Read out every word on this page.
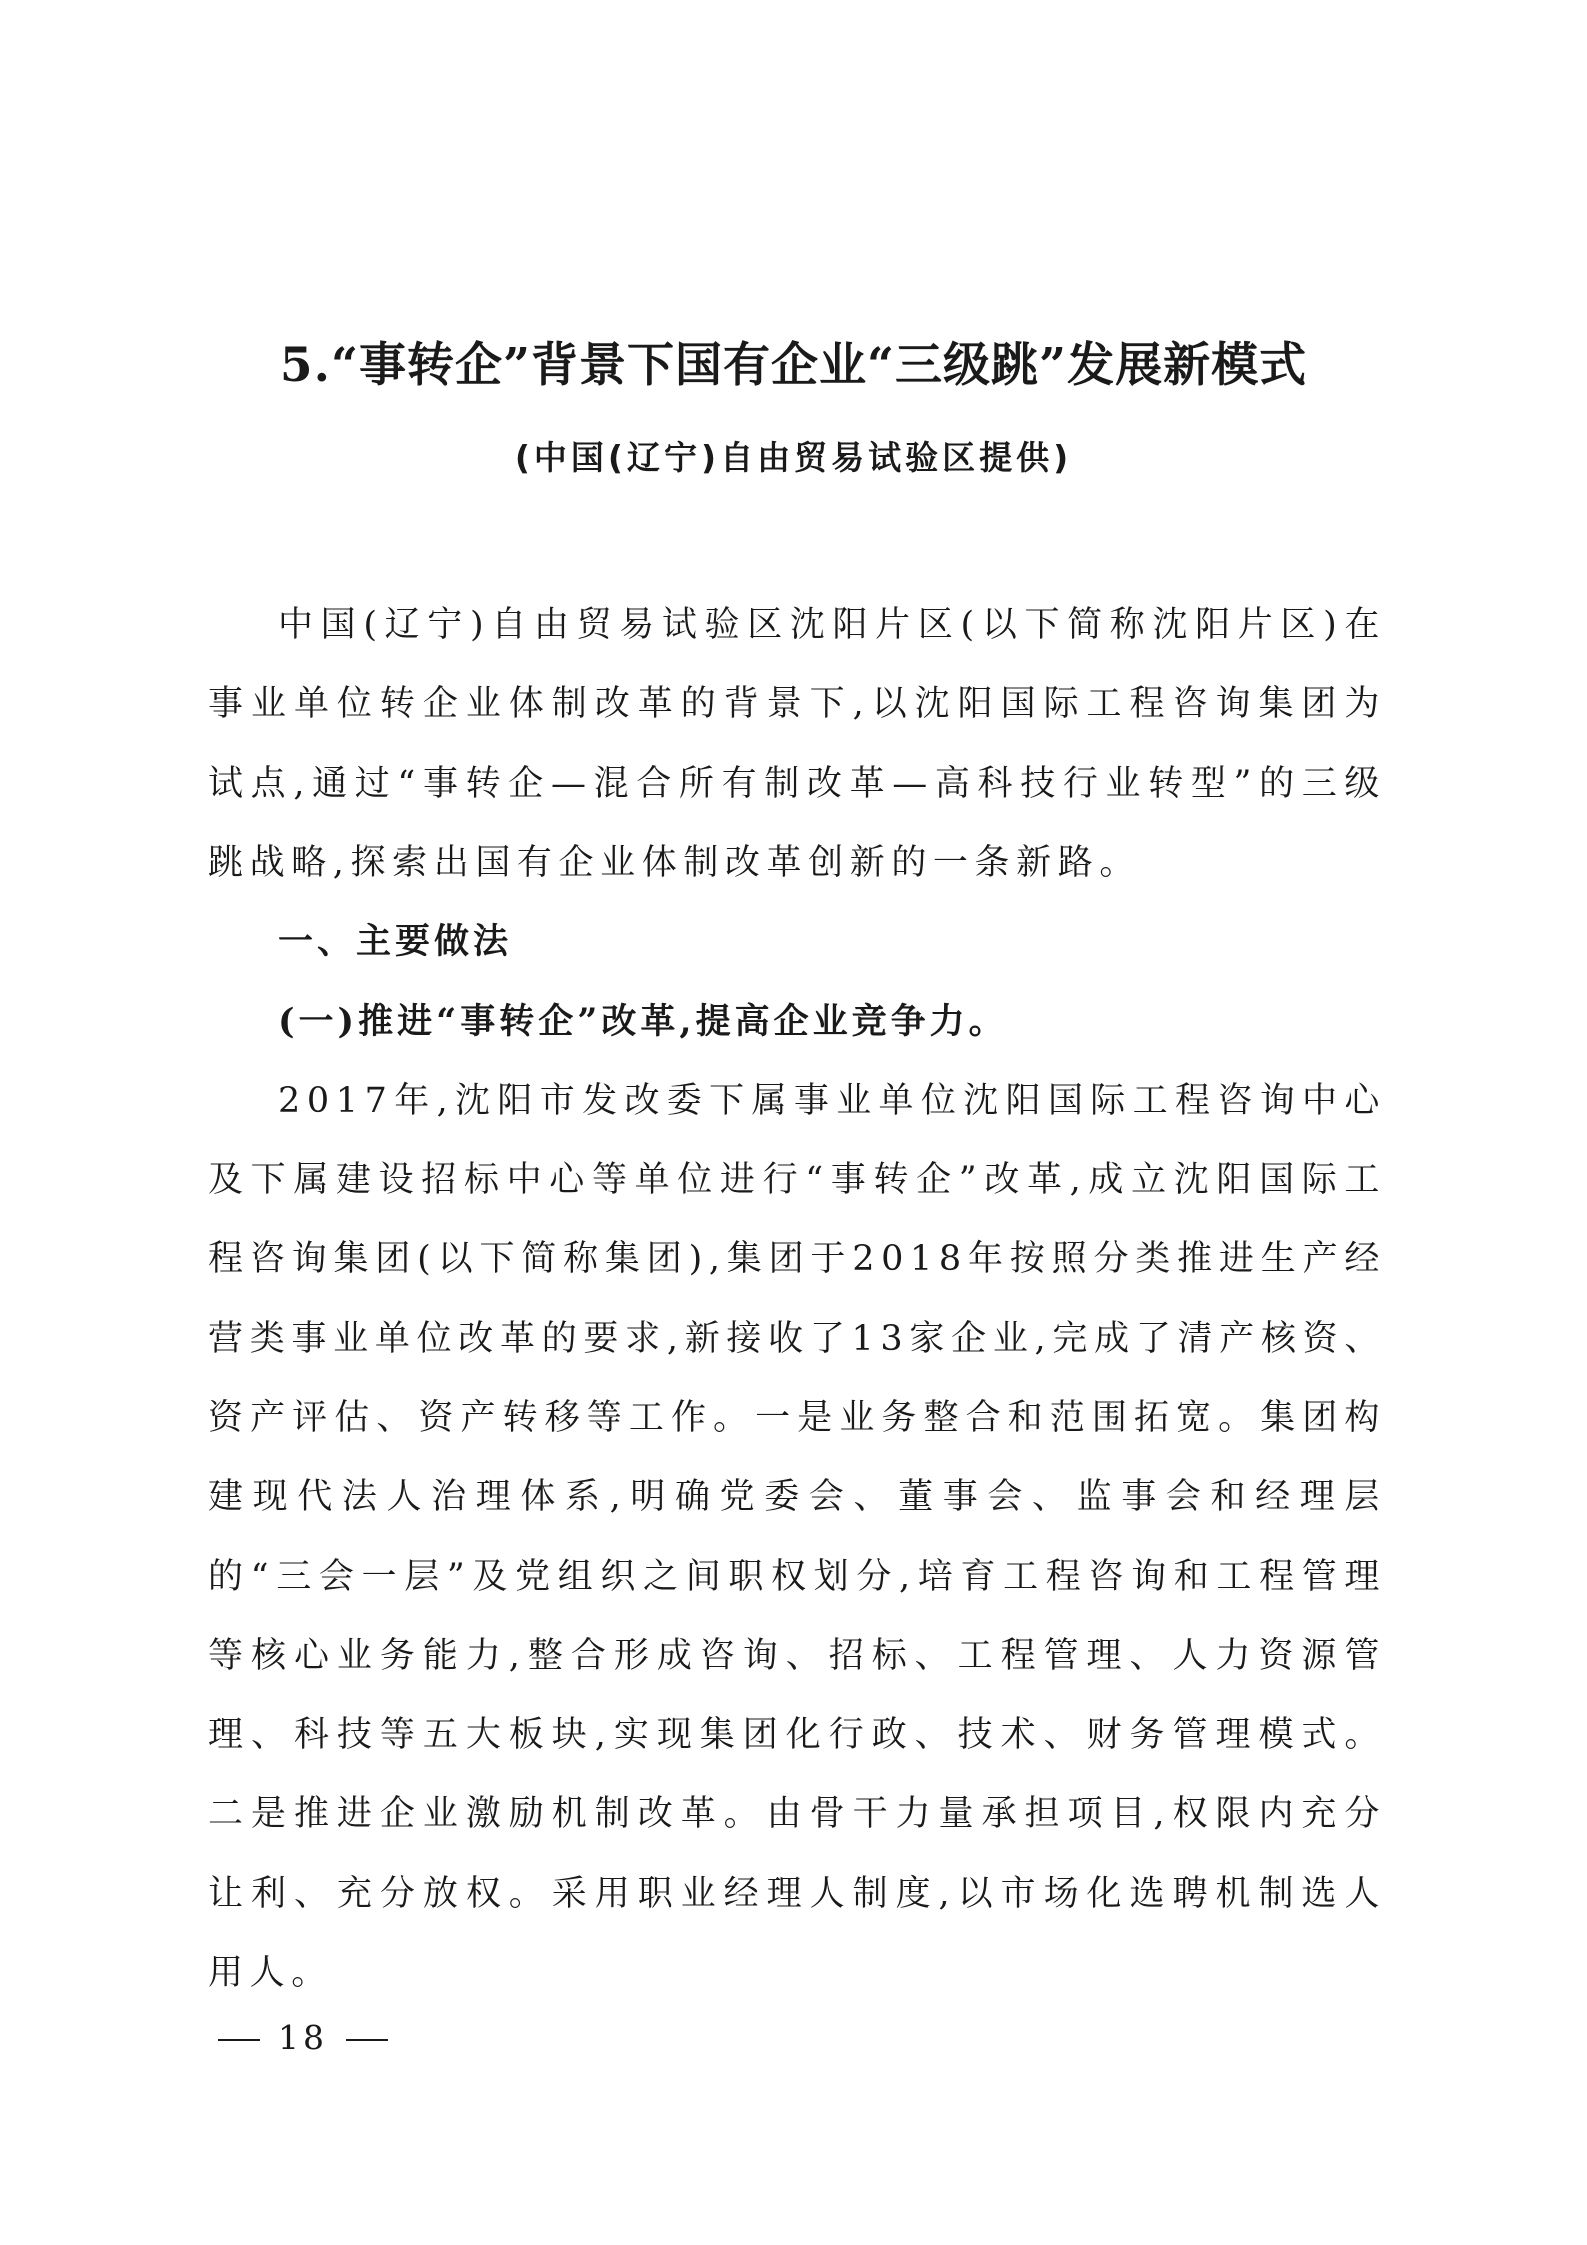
5.“事转企”背景下国有企业“三级跳”发展新模式
(中国(辽宁)自由贸易试验区提供)

中国(辽宁)自由贸易试验区沈阳片区(以下简称沈阳片区)在事业单位转企业体制改革的背景下,以沈阳国际工程咨询集团为试点,通过“事转企—混合所有制改革—高科技行业转型”的三级跳战略,探索出国有企业体制改革创新的一条新路。

一、主要做法

(一)推进“事转企”改革,提高企业竞争力。

2017年,沈阳市发改委下属事业单位沈阳国际工程咨询中心及下属建设招标中心等单位进行“事转企”改革,成立沈阳国际工程咨询集团(以下简称集团),集团于2018年按照分类推进生产经营类事业单位改革的要求,新接收了13家企业,完成了清产核资、资产评估、资产转移等工作。一是业务整合和范围拓宽。集团构建现代法人治理体系,明确党委会、董事会、监事会和经理层的“三会一层”及党组织之间职权划分,培育工程咨询和工程管理等核心业务能力,整合形成咨询、招标、工程管理、人力资源管理、科技等五大板块,实现集团化行政、技术、财务管理模式。二是推进企业激励机制改革。由骨干力量承担项目,权限内充分让利、充分放权。采用职业经理人制度,以市场化选聘机制选人用人。

18
